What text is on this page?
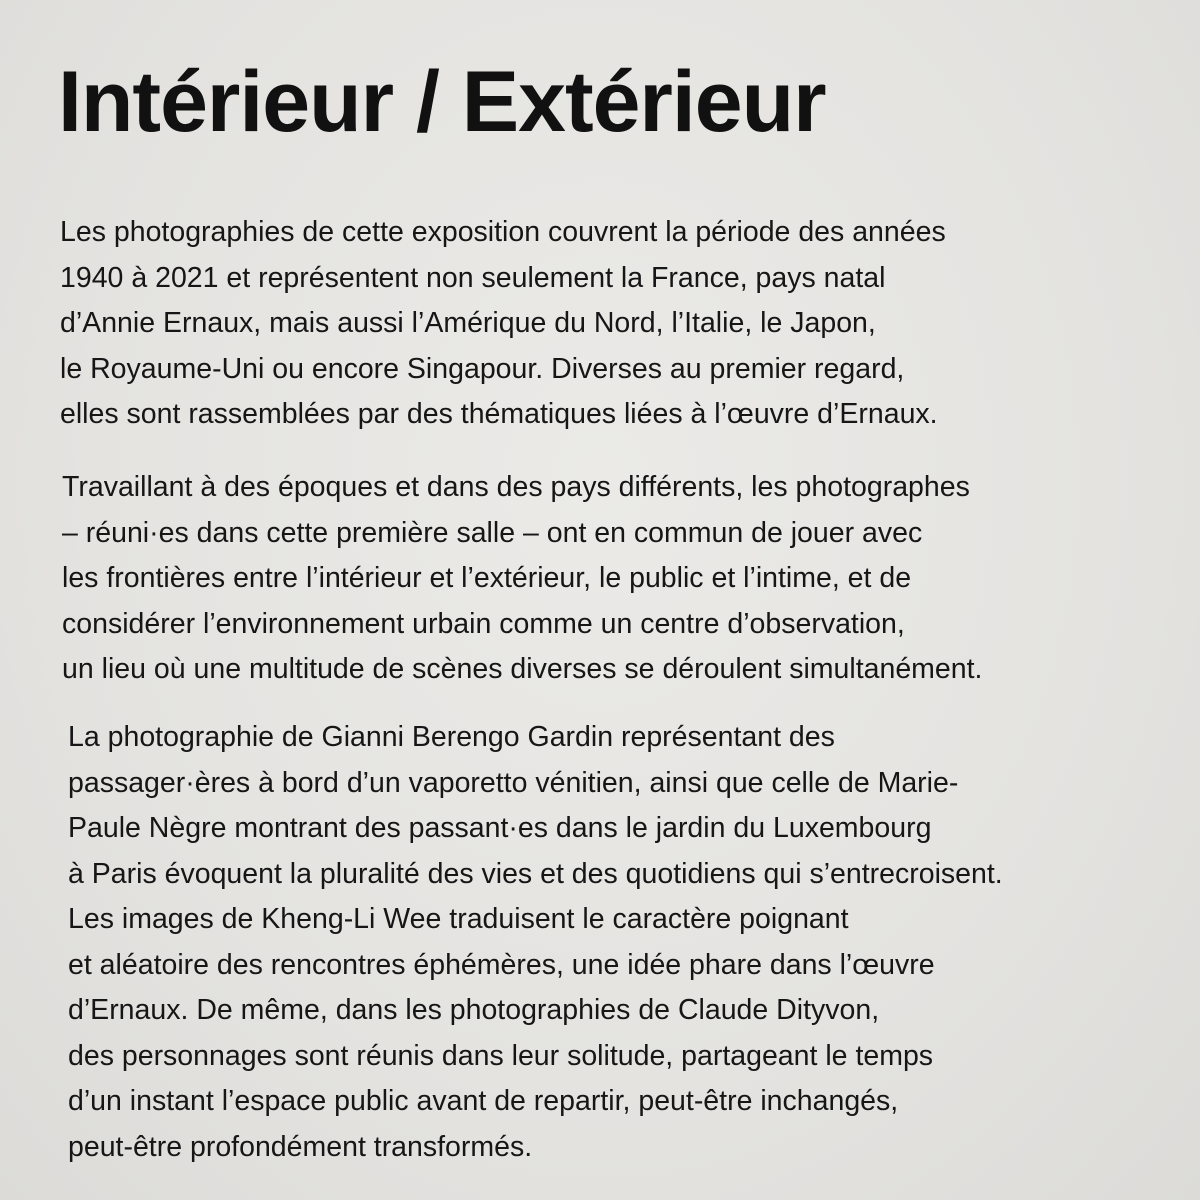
Intérieur / Extérieur

Les photographies de cette exposition couvrent la période des années
1940 à 2021 et représentent non seulement la France, pays natal
d’Annie Ernaux, mais aussi l’Amérique du Nord, l’Italie, le Japon,
le Royaume-Uni ou encore Singapour. Diverses au premier regard,
elles sont rassemblées par des thématiques liées à l’œuvre d’Ernaux.

Travaillant à des époques et dans des pays différents, les photographes
– réuni·es dans cette première salle – ont en commun de jouer avec
les frontières entre l’intérieur et l’extérieur, le public et l’intime, et de
considérer l’environnement urbain comme un centre d’observation,
un lieu où une multitude de scènes diverses se déroulent simultanément.

La photographie de Gianni Berengo Gardin représentant des
passager·ères à bord d’un vaporetto vénitien, ainsi que celle de Marie-
Paule Nègre montrant des passant·es dans le jardin du Luxembourg
à Paris évoquent la pluralité des vies et des quotidiens qui s’entrecroisent.
Les images de Kheng-Li Wee traduisent le caractère poignant
et aléatoire des rencontres éphémères, une idée phare dans l’œuvre
d’Ernaux. De même, dans les photographies de Claude Dityvon,
des personnages sont réunis dans leur solitude, partageant le temps
d’un instant l’espace public avant de repartir, peut-être inchangés,
peut-être profondément transformés.
